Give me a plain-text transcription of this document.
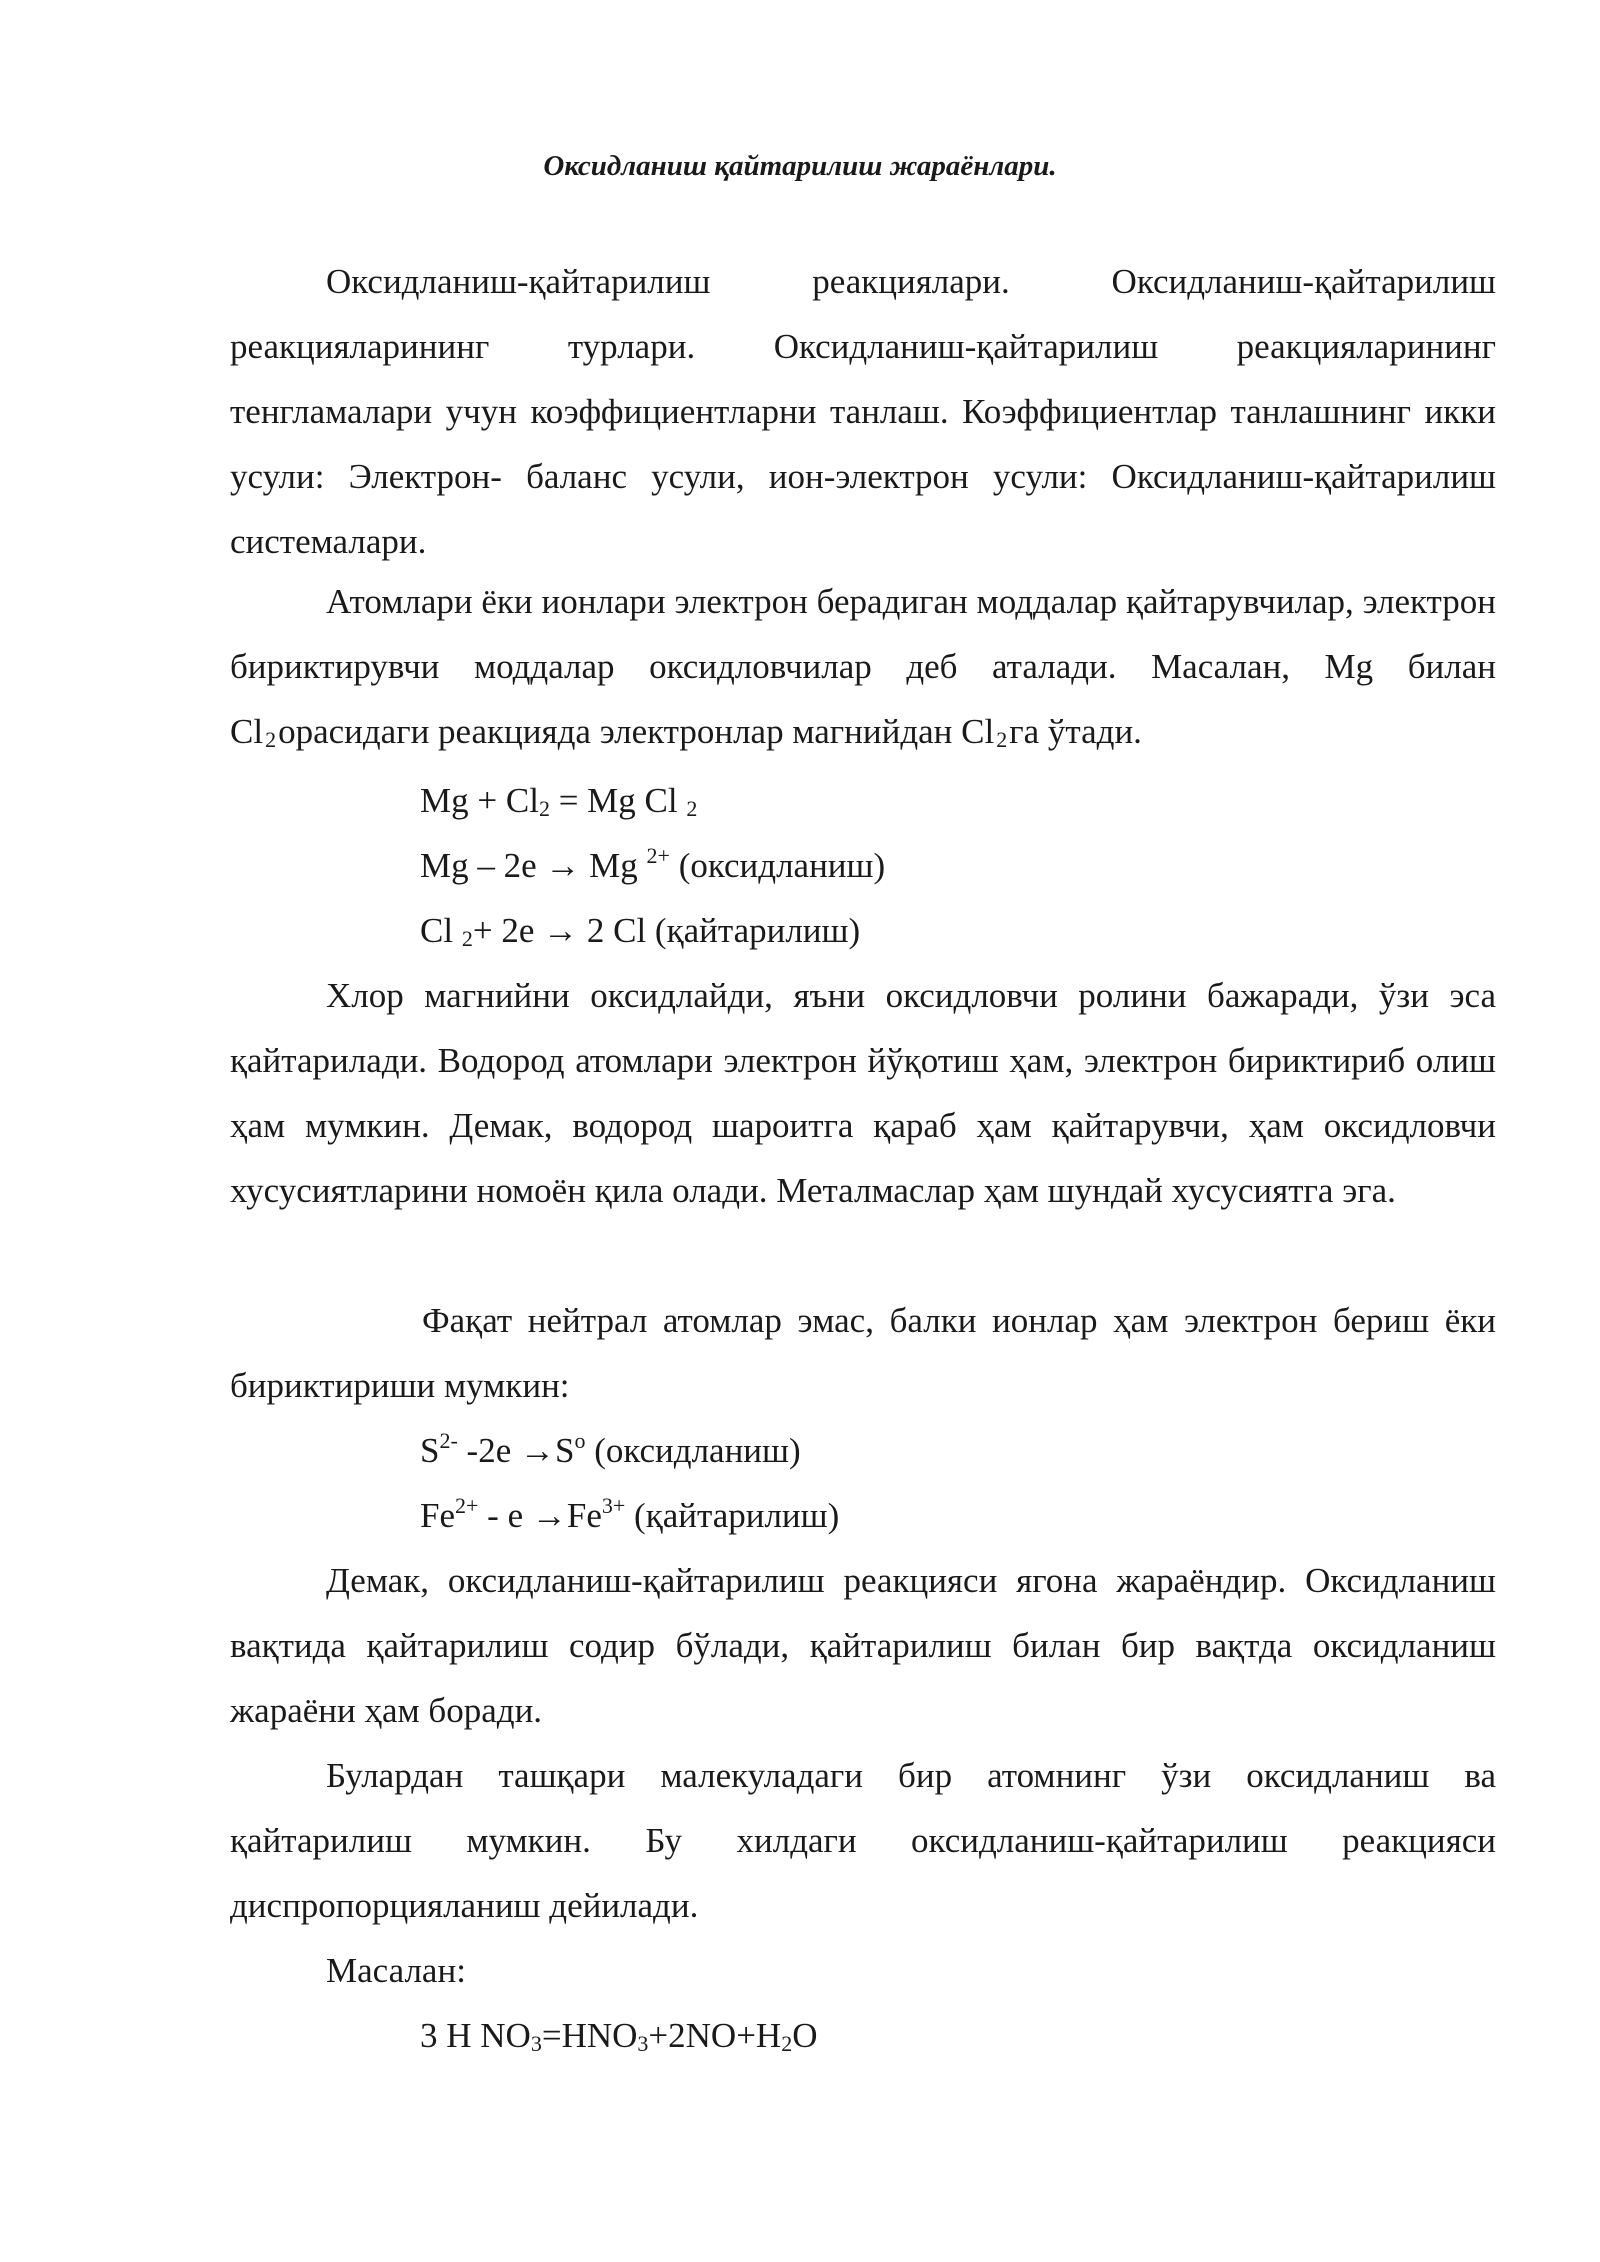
Оксидланиш қайтарилиш жараёнлари.

Оксидланиш-қайтарилиш реакциялари. Оксидланиш-қайтарилиш реакцияларининг турлари. Оксидланиш-қайтарилиш реакцияларининг тенгламалари учун коэффициентларни танлаш. Коэффициентлар танлашнинг икки усули: Электрон- баланс усули, ион-электрон усули: Оксидланиш-қайтарилиш системалари.

Атомлари ёки ионлари электрон берадиган моддалар қайтарувчилар, электрон бириктирувчи моддалар оксидловчилар деб аталади. Масалан, Mg билан Cl2орасидаги реакцияда электронлар магнийдан Cl2га ўтади.

$Mg + Cl_2 = Mg$ Cl $_2$
Mg – 2e → Mg $^{2+}$ (оксидланиш)
Cl $_2$+ 2e → 2 Cl (қайтарилиш)

Хлор магнийни оксидлайди, яъни оксидловчи ролини бажаради, ўзи эса қайтарилади. Водород атомлари электрон йўқотиш ҳам, электрон бириктириб олиш ҳам мумкин. Демак, водород шароитга қараб ҳам қайтарувчи, ҳам оксидловчи хусусиятларини номоён қила олади. Металмаслар ҳам шундай хусусиятга эга.

Фақат нейтрал атомлар эмас, балки ионлар ҳам электрон бериш ёки бириктириши мумкин:

$S^{2-}$ $-2e \to S^o$ (оксидланиш)
$Fe^{2+} - e \to Fe^{3+}$ (қайтарилиш)

Демак, оксидланиш-қайтарилиш реакцияси ягона жараёндир. Оксидланиш вақтида қайтарилиш содир бўлади, қайтарилиш билан бир вақтда оксидланиш жараёни ҳам боради.

Булардан ташқари малекуладаги бир атомнинг ўзи оксидланиш ва қайтарилиш мумкин. Бу хилдаги оксидланиш-қайтарилиш реакцияси диспропорцияланиш дейилади.

Масалан:
3 H $NO_3=HNO_3+2NO+H_2O$
